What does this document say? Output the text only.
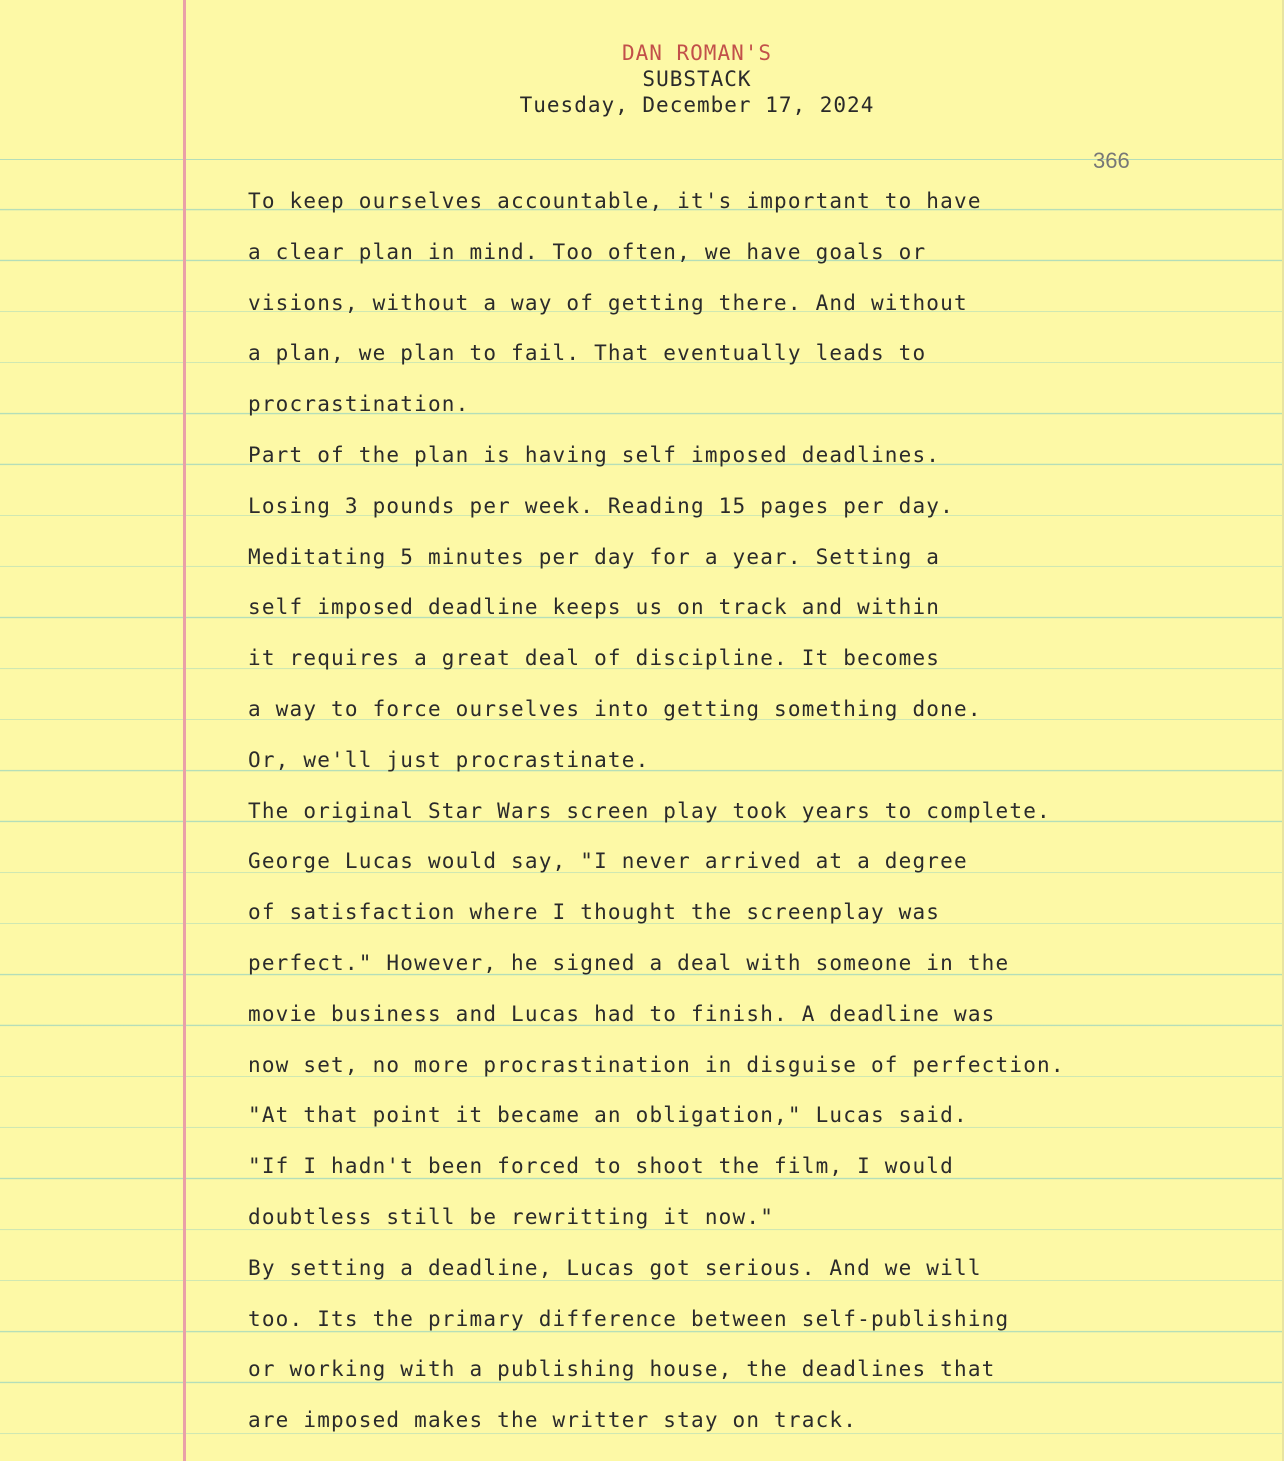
DAN ROMAN'S
SUBSTACK
Tuesday, December 17, 2024
366
To keep ourselves accountable, it's important to have
a clear plan in mind. Too often, we have goals or
visions, without a way of getting there. And without
a plan, we plan to fail. That eventually leads to
procrastination.
Part of the plan is having self imposed deadlines.
Losing 3 pounds per week. Reading 15 pages per day.
Meditating 5 minutes per day for a year. Setting a
self imposed deadline keeps us on track and within
it requires a great deal of discipline. It becomes
a way to force ourselves into getting something done.
Or, we'll just procrastinate.
The original Star Wars screen play took years to complete.
George Lucas would say, "I never arrived at a degree
of satisfaction where I thought the screenplay was
perfect." However, he signed a deal with someone in the
movie business and Lucas had to finish. A deadline was
now set, no more procrastination in disguise of perfection.
"At that point it became an obligation," Lucas said.
"If I hadn't been forced to shoot the film, I would
doubtless still be rewritting it now."
By setting a deadline, Lucas got serious. And we will
too. Its the primary difference between self-publishing
or working with a publishing house, the deadlines that
are imposed makes the writter stay on track.
